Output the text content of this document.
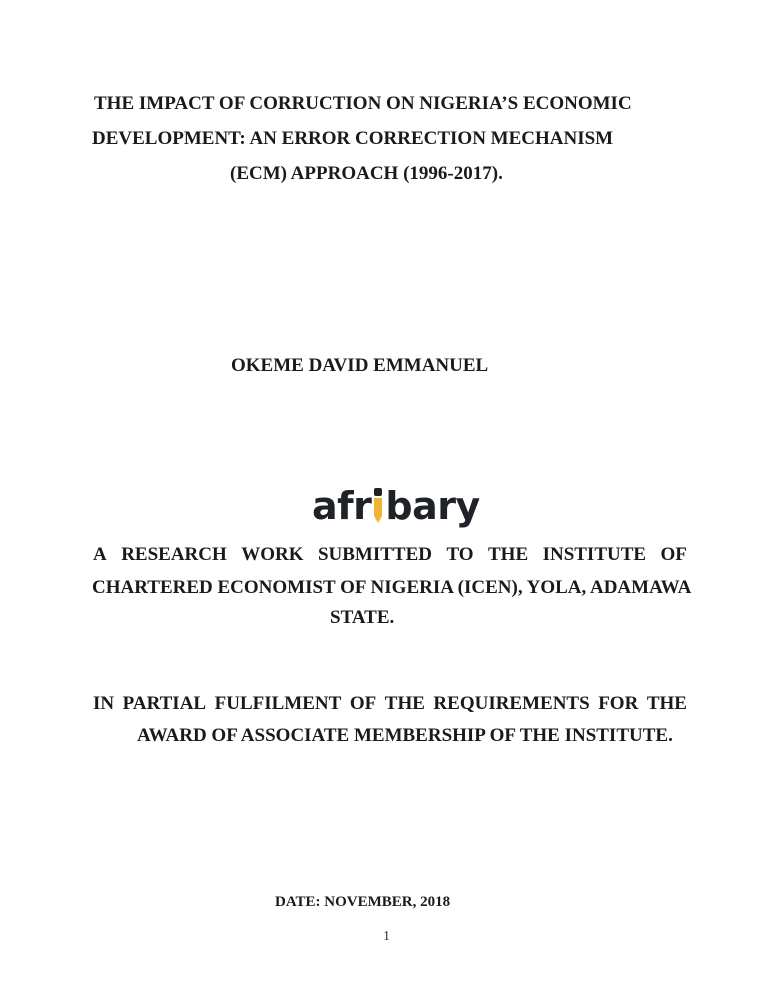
THE IMPACT OF CORRUCTION ON NIGERIA’S ECONOMIC
DEVELOPMENT: AN ERROR CORRECTION MECHANISM
(ECM) APPROACH (1996-2017).
OKEME DAVID EMMANUEL
afr bary
A RESEARCH WORK SUBMITTED TO THE INSTITUTE OF
CHARTERED ECONOMIST OF NIGERIA (ICEN), YOLA, ADAMAWA
STATE.
IN PARTIAL FULFILMENT OF THE REQUIREMENTS FOR THE
AWARD OF ASSOCIATE MEMBERSHIP OF THE INSTITUTE.
DATE: NOVEMBER, 2018
1
